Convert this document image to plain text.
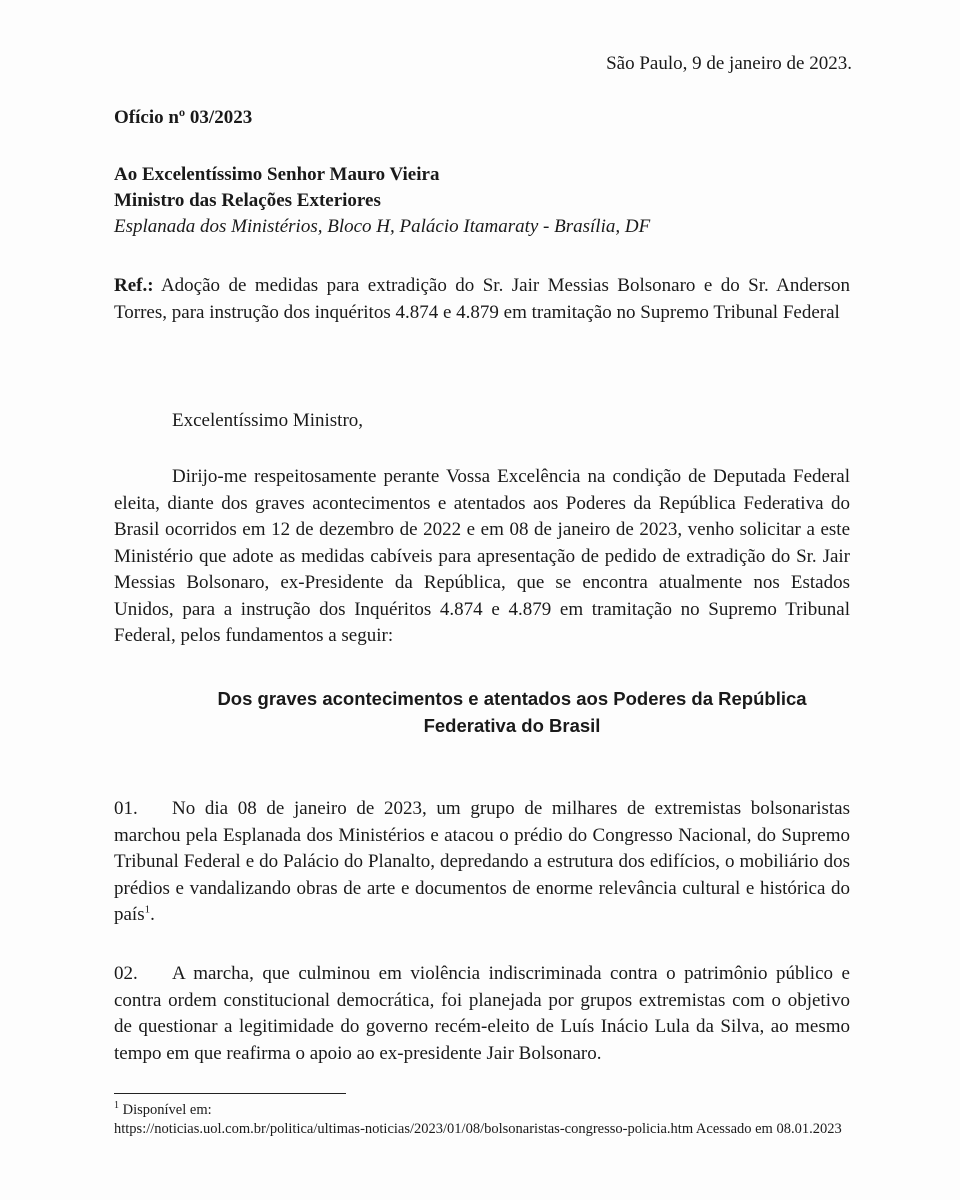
São Paulo, 9 de janeiro de 2023.
Ofício nº 03/2023
Ao Excelentíssimo Senhor Mauro Vieira
Ministro das Relações Exteriores
Esplanada dos Ministérios, Bloco H, Palácio Itamaraty - Brasília, DF
Ref.: Adoção de medidas para extradição do Sr. Jair Messias Bolsonaro e do Sr. Anderson Torres, para instrução dos inquéritos 4.874 e 4.879 em tramitação no Supremo Tribunal Federal
Excelentíssimo Ministro,
Dirijo-me respeitosamente perante Vossa Excelência na condição de Deputada Federal eleita, diante dos graves acontecimentos e atentados aos Poderes da República Federativa do Brasil ocorridos em 12 de dezembro de 2022 e em 08 de janeiro de 2023, venho solicitar a este Ministério que adote as medidas cabíveis para apresentação de pedido de extradição do Sr. Jair Messias Bolsonaro, ex-Presidente da República, que se encontra atualmente nos Estados Unidos, para a instrução dos Inquéritos 4.874 e 4.879 em tramitação no Supremo Tribunal Federal, pelos fundamentos a seguir:
Dos graves acontecimentos e atentados aos Poderes da República
Federativa do Brasil
01. No dia 08 de janeiro de 2023, um grupo de milhares de extremistas bolsonaristas marchou pela Esplanada dos Ministérios e atacou o prédio do Congresso Nacional, do Supremo Tribunal Federal e do Palácio do Planalto, depredando a estrutura dos edifícios, o mobiliário dos prédios e vandalizando obras de arte e documentos de enorme relevância cultural e histórica do país$^1$.
02. A marcha, que culminou em violência indiscriminada contra o patrimônio público e contra ordem constitucional democrática, foi planejada por grupos extremistas com o objetivo de questionar a legitimidade do governo recém-eleito de Luís Inácio Lula da Silva, ao mesmo tempo em que reafirma o apoio ao ex-presidente Jair Bolsonaro.
$^1$ Disponível em:
https://noticias.uol.com.br/politica/ultimas-noticias/2023/01/08/bolsonaristas-congresso-policia.htm Acessado em 08.01.2023
